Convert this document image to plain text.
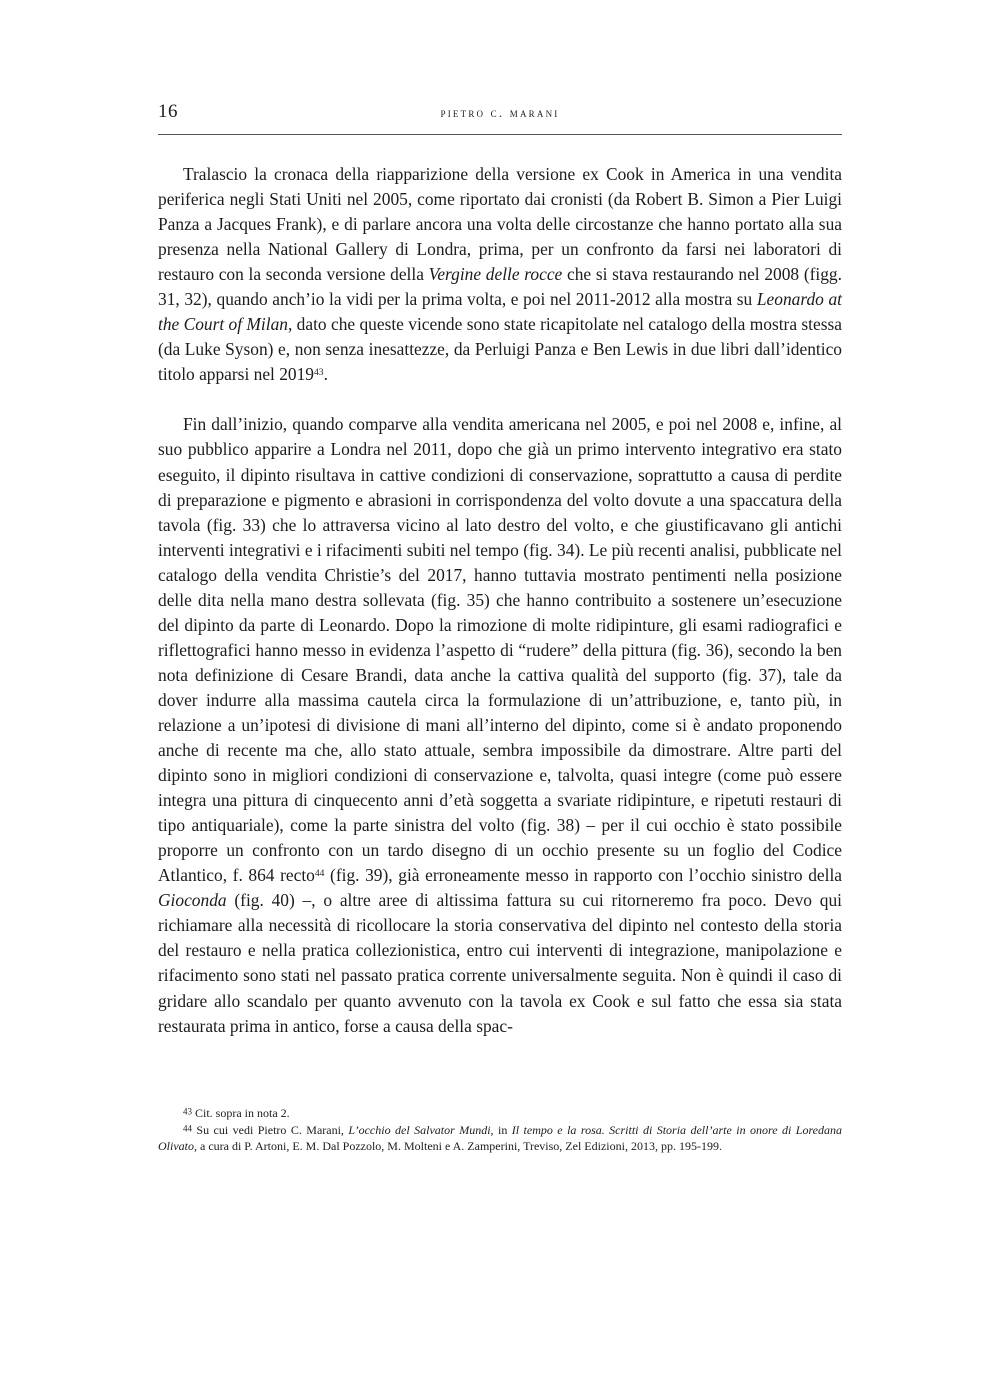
16	pietro c. marani

Tralascio la cronaca della riapparizione della versione ex Cook in America in una vendita periferica negli Stati Uniti nel 2005, come riportato dai cronisti (da Robert B. Simon a Pier Luigi Panza a Jacques Frank), e di parlare ancora una volta delle circostanze che hanno portato alla sua presenza nella National Gallery di Londra, prima, per un confronto da farsi nei laboratori di restauro con la seconda versione della Vergine delle rocce che si stava restaurando nel 2008 (figg. 31, 32), quando anch’io la vidi per la prima volta, e poi nel 2011-2012 alla mostra su Leonardo at the Court of Milan, dato che queste vicende sono state ricapitolate nel catalogo della mostra stessa (da Luke Syson) e, non senza inesattezze, da Perluigi Panza e Ben Lewis in due libri dall’identico titolo apparsi nel 2019$^{43}$.

Fin dall’inizio, quando comparve alla vendita americana nel 2005, e poi nel 2008 e, infine, al suo pubblico apparire a Londra nel 2011, dopo che già un primo intervento integrativo era stato eseguito, il dipinto risultava in cattive condizioni di conservazione, soprattutto a causa di perdite di preparazione e pigmento e abrasioni in corrispondenza del volto dovute a una spaccatura della tavola (fig. 33) che lo attraversa vicino al lato destro del volto, e che giustificavano gli antichi interventi integrativi e i rifacimenti subiti nel tempo (fig. 34). Le più recenti analisi, pubblicate nel catalogo della vendita Christie’s del 2017, hanno tuttavia mostrato pentimenti nella posizione delle dita nella mano destra sollevata (fig. 35) che hanno contribuito a sostenere un’esecuzione del dipinto da parte di Leonardo. Dopo la rimozione di molte ridipinture, gli esami radiografici e riflettografici hanno messo in evidenza l’aspetto di “rudere” della pittura (fig. 36), secondo la ben nota definizione di Cesare Brandi, data anche la cattiva qualità del supporto (fig. 37), tale da dover indurre alla massima cautela circa la formulazione di un’attribuzione, e, tanto più, in relazione a un’ipotesi di divisione di mani all’interno del dipinto, come si è andato proponendo anche di recente ma che, allo stato attuale, sembra impossibile da dimostrare. Altre parti del dipinto sono in migliori condizioni di conservazione e, talvolta, quasi integre (come può essere integra una pittura di cinquecento anni d’età soggetta a svariate ridipinture, e ripetuti restauri di tipo antiquariale), come la parte sinistra del volto (fig. 38) – per il cui occhio è stato possibile proporre un confronto con un tardo disegno di un occhio presente su un foglio del Codice Atlantico, f. 864 recto$^{44}$ (fig. 39), già erroneamente messo in rapporto con l’occhio sinistro della Gioconda (fig. 40) –, o altre aree di altissima fattura su cui ritorneremo fra poco. Devo qui richiamare alla necessità di ricollocare la storia conservativa del dipinto nel contesto della storia del restauro e nella pratica collezionistica, entro cui interventi di integrazione, manipolazione e rifacimento sono stati nel passato pratica corrente universalmente seguita. Non è quindi il caso di gridare allo scandalo per quanto avvenuto con la tavola ex Cook e sul fatto che essa sia stata restaurata prima in antico, forse a causa della spac-

$^{43}$ Cit. sopra in nota 2.

$^{44}$ Su cui vedi Pietro C. Marani, L’occhio del Salvator Mundi, in Il tempo e la rosa. Scritti di Storia dell’arte in onore di Loredana Olivato, a cura di P. Artoni, E. M. Dal Pozzolo, M. Molteni e A. Zamperini, Treviso, Zel Edizioni, 2013, pp. 195-199.
